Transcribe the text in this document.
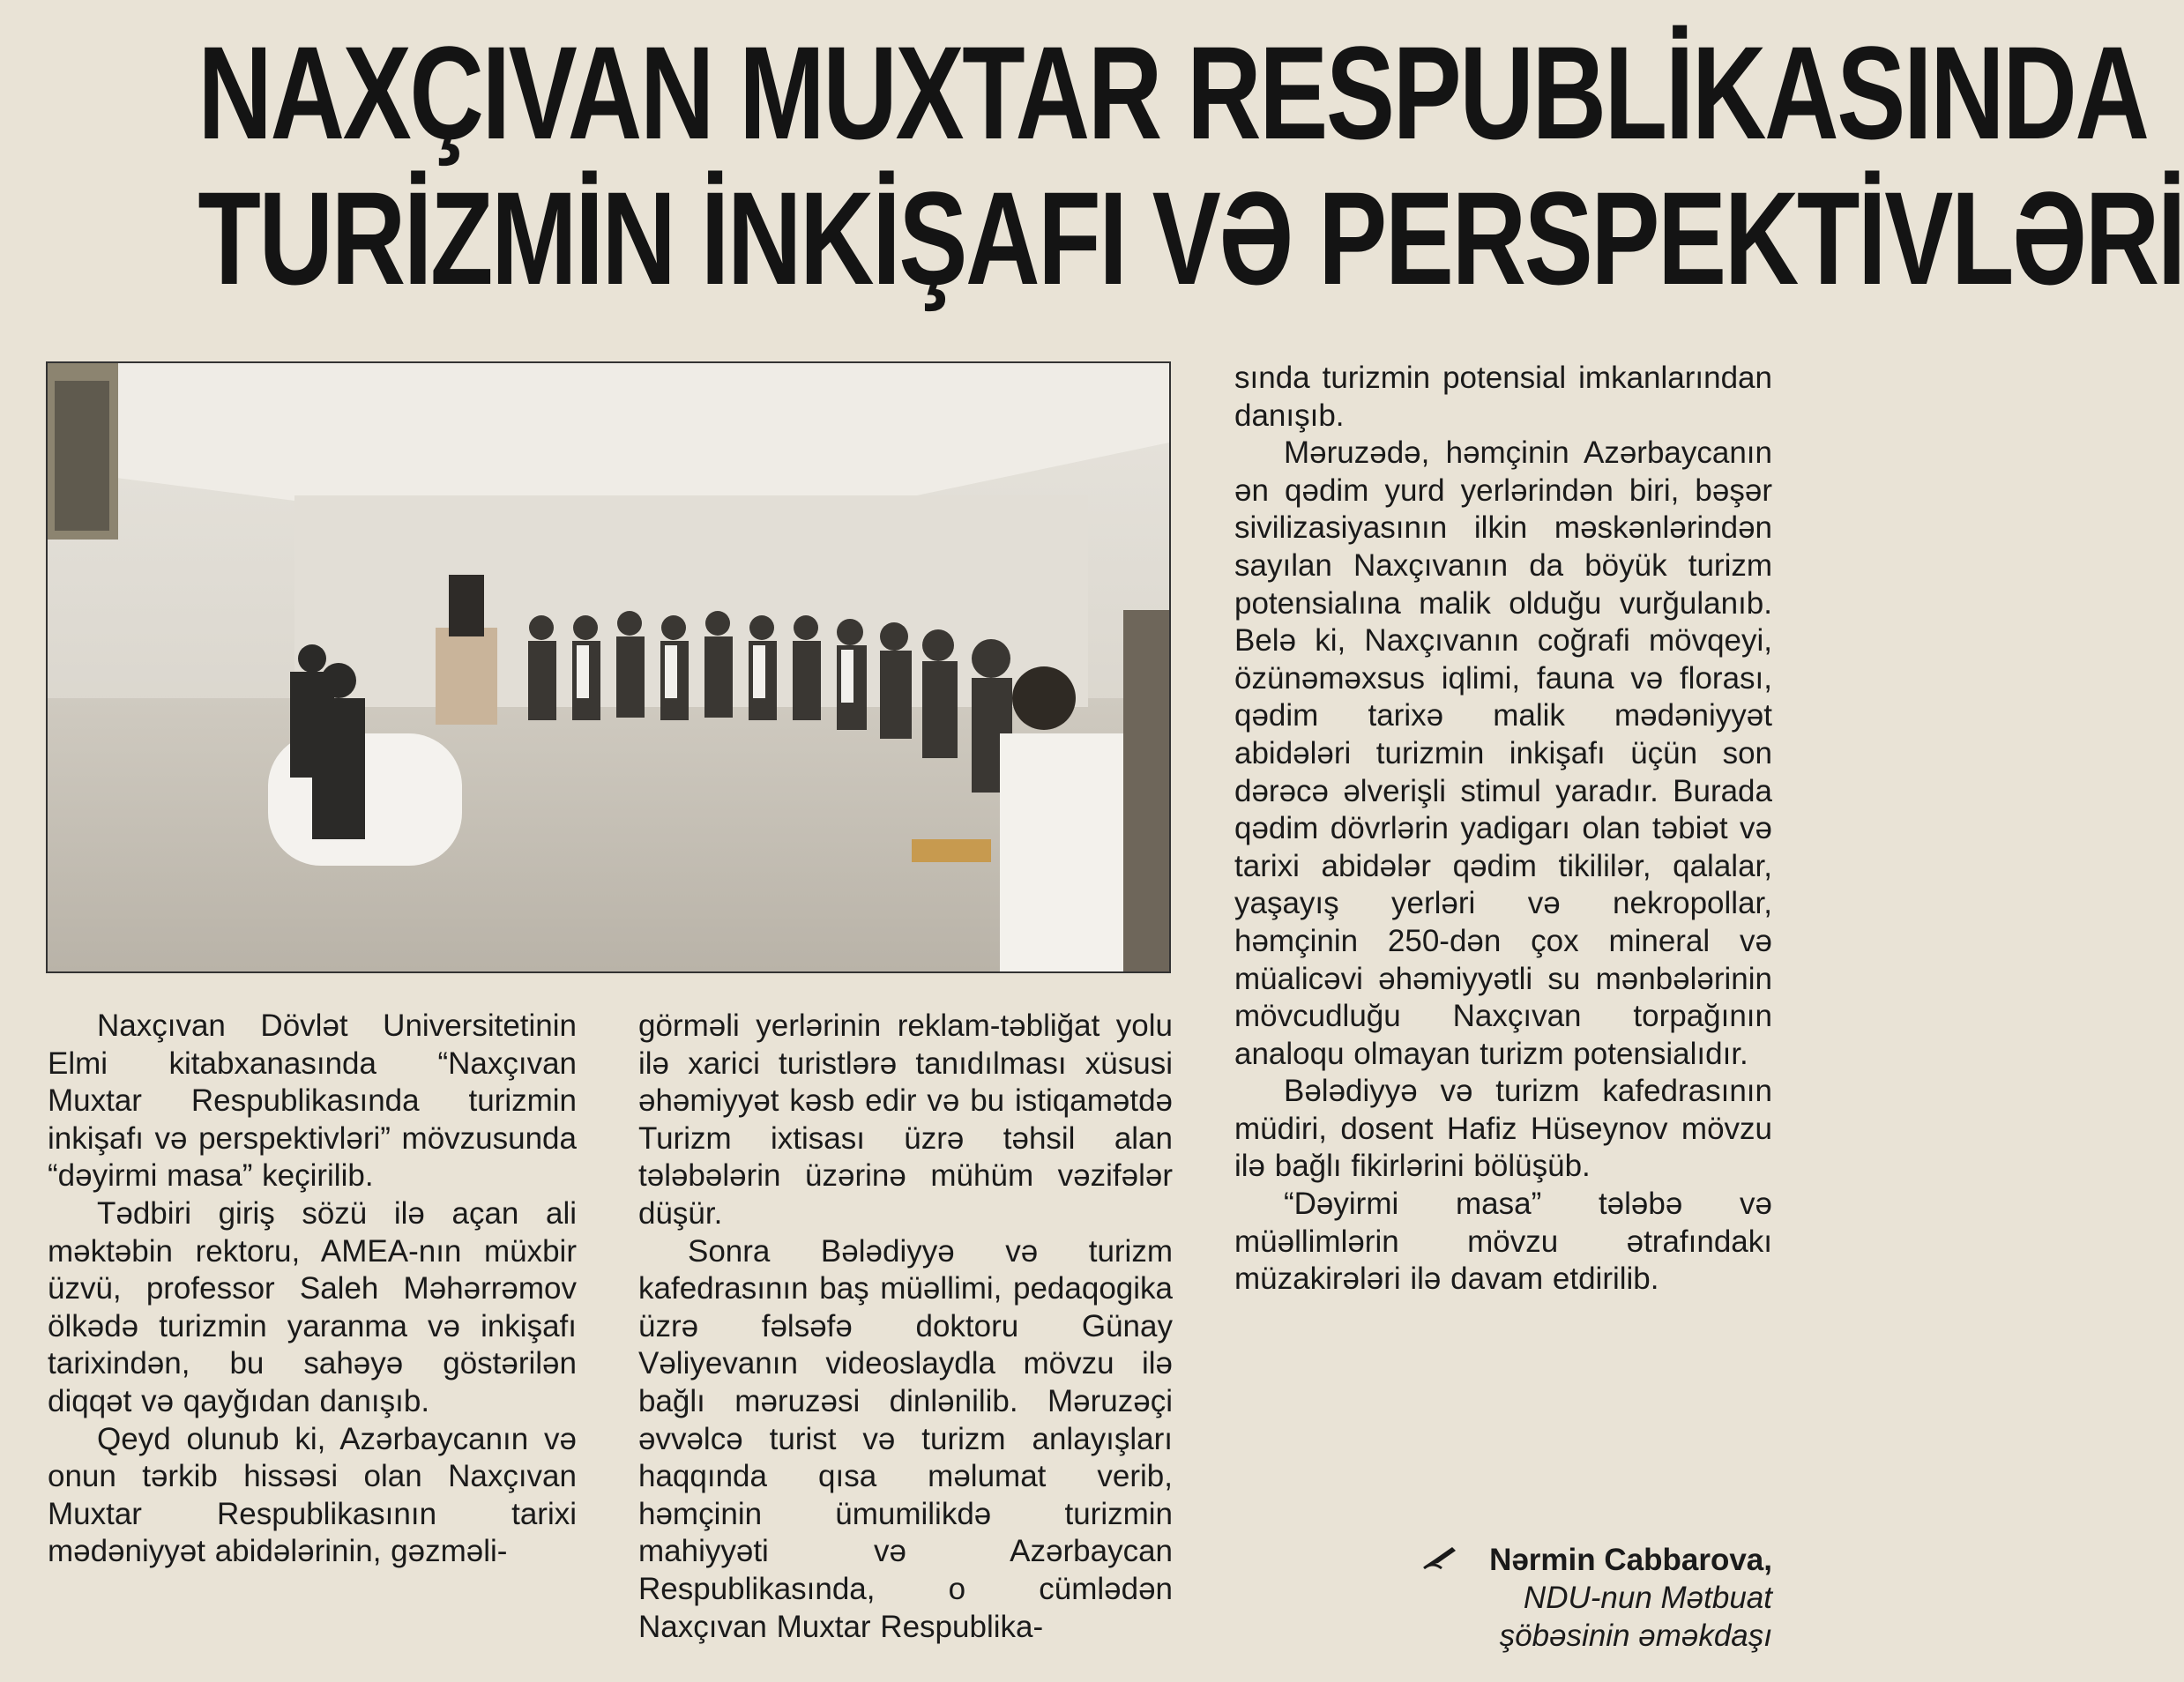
NAXÇIVAN MUXTAR RESPUBLİKASINDA
TURİZMİN İNKİŞAFI VƏ PERSPEKTİVLƏRİ

Naxçıvan Dövlət Universitetinin Elmi kitabxanasında “Naxçıvan Muxtar Respublikasında turizmin inkişafı və perspektivləri” mövzusunda “dəyirmi masa” keçirilib.

Tədbiri giriş sözü ilə açan ali məktəbin rektoru, AMEA-nın müxbir üzvü, professor Saleh Məhərrəmov ölkədə turizmin yaranma və inkişafı tarixindən, bu sahəyə göstərilən diqqət və qayğıdan danışıb.

Qeyd olunub ki, Azərbaycanın və onun tərkib hissəsi olan Naxçıvan Muxtar Respublikasının tarixi mədəniyyət abidələrinin, gəzməli-

görməli yerlərinin reklam-təbliğat yolu ilə xarici turistlərə tanıdılması xüsusi əhəmiyyət kəsb edir və bu istiqamətdə Turizm ixtisası üzrə təhsil alan tələbələrin üzərinə mühüm vəzifələr düşür.

Sonra Bələdiyyə və turizm kafedrasının baş müəllimi, pedaqogika üzrə fəlsəfə doktoru Günay Vəliyevanın videoslaydla mövzu ilə bağlı məruzəsi dinlənilib. Məruzəçi əvvəlcə turist və turizm anlayışları haqqında qısa məlumat verib, həmçinin ümumilikdə turizmin mahiyyəti və Azərbaycan Respublikasında, o cümlədən Naxçıvan Muxtar Respublika-

sında turizmin potensial imkanlarından danışıb.

Məruzədə, həmçinin Azərbaycanın ən qədim yurd yerlərindən biri, bəşər sivilizasiyasının ilkin məskənlərindən sayılan Naxçıvanın da böyük turizm potensialına malik olduğu vurğulanıb. Belə ki, Naxçıvanın coğrafi mövqeyi, özünəməxsus iqlimi, fauna və florası, qədim tarixə malik mədəniyyət abidələri turizmin inkişafı üçün son dərəcə əlverişli stimul yaradır. Burada qədim dövrlərin yadigarı olan təbiət və tarixi abidələr qədim tikililər, qalalar, yaşayış yerləri və nekropollar, həmçinin 250-dən çox mineral və müalicəvi əhəmiyyətli su mənbələrinin mövcudluğu Naxçıvan torpağının analoqu olmayan turizm potensialıdır.

Bələdiyyə və turizm kafedrasının müdiri, dosent Hafiz Hüseynov mövzu ilə bağlı fikirlərini bölüşüb.

“Dəyirmi masa” tələbə və müəllimlərin mövzu ətrafındakı müzakirələri ilə davam etdirilib.

Nərmin Cabbarova,
NDU-nun Mətbuat
şöbəsinin əməkdaşı
